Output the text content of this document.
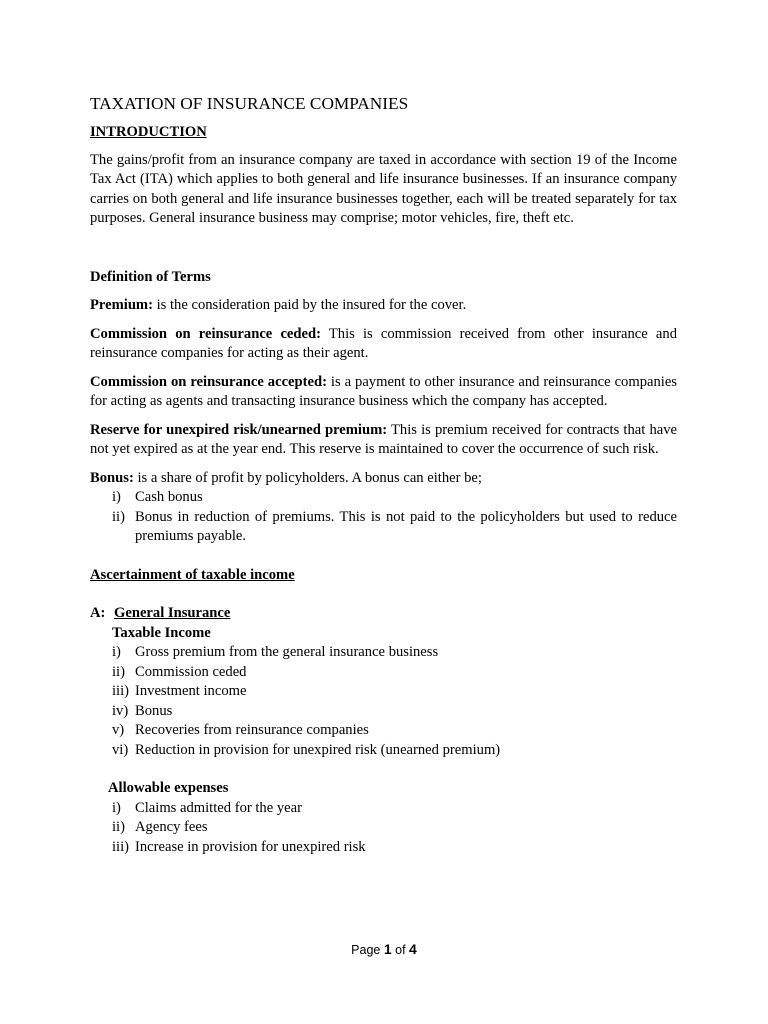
TAXATION OF INSURANCE COMPANIES
INTRODUCTION

The gains/profit from an insurance company are taxed in accordance with section 19 of the Income Tax Act (ITA) which applies to both general and life insurance businesses. If an insurance company carries on both general and life insurance businesses together, each will be treated separately for tax purposes. General insurance business may comprise; motor vehicles, fire, theft etc.

Definition of Terms

Premium: is the consideration paid by the insured for the cover.

Commission on reinsurance ceded: This is commission received from other insurance and reinsurance companies for acting as their agent.

Commission on reinsurance accepted: is a payment to other insurance and reinsurance companies for acting as agents and transacting insurance business which the company has accepted.

Reserve for unexpired risk/unearned premium: This is premium received for contracts that have not yet expired as at the year end. This reserve is maintained to cover the occurrence of such risk.

Bonus: is a share of profit by policyholders. A bonus can either be;

i) Cash bonus
ii) Bonus in reduction of premiums. This is not paid to the policyholders but used to reduce premiums payable.
Ascertainment of taxable income
A: General Insurance
Taxable Income
i) Gross premium from the general insurance business
ii) Commission ceded
iii) Investment income
iv) Bonus
v) Recoveries from reinsurance companies
vi) Reduction in provision for unexpired risk (unearned premium)
Allowable expenses
i) Claims admitted for the year
ii) Agency fees
iii) Increase in provision for unexpired risk
Page 1 of 4
